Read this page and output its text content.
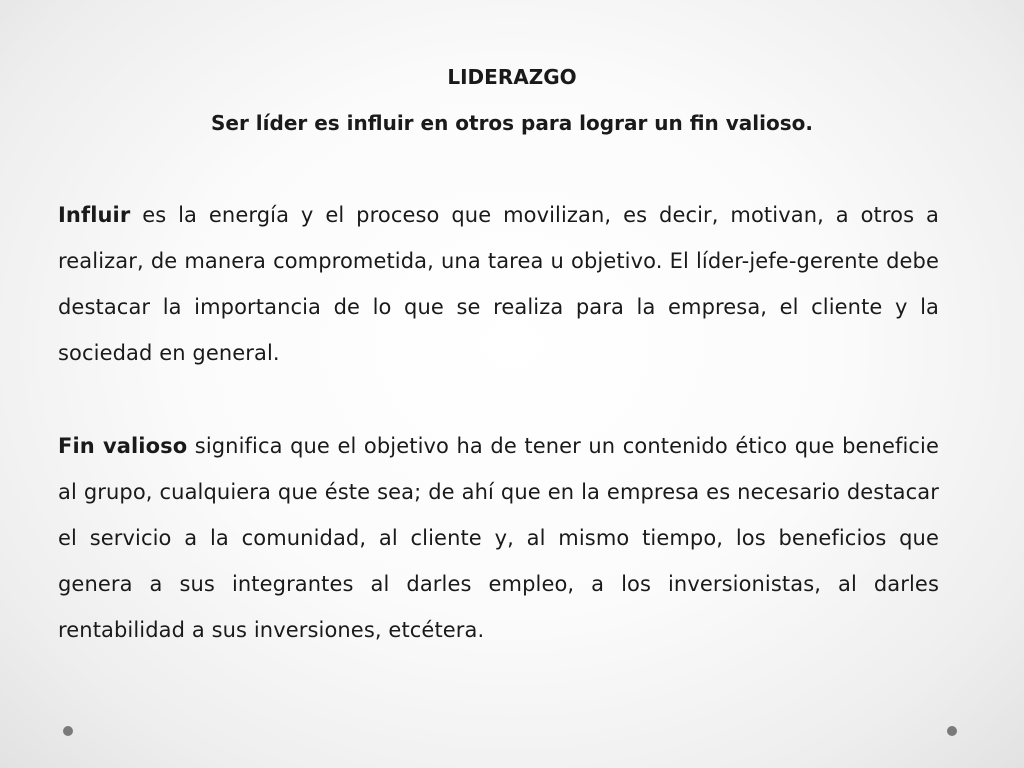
LIDERAZGO
Ser líder es influir en otros para lograr un fin valioso.

Influir es la energía y el proceso que movilizan, es decir, motivan, a otros a realizar, de manera comprometida, una tarea u objetivo. El líder-jefe-gerente debe destacar la importancia de lo que se realiza para la empresa, el cliente y la sociedad en general.

Fin valioso significa que el objetivo ha de tener un contenido ético que beneficie al grupo, cualquiera que éste sea; de ahí que en la empresa es necesario destacar el servicio a la comunidad, al cliente y, al mismo tiempo, los beneficios que genera a sus integrantes al darles empleo, a los inversionistas, al darles rentabilidad a sus inversiones, etcétera.
